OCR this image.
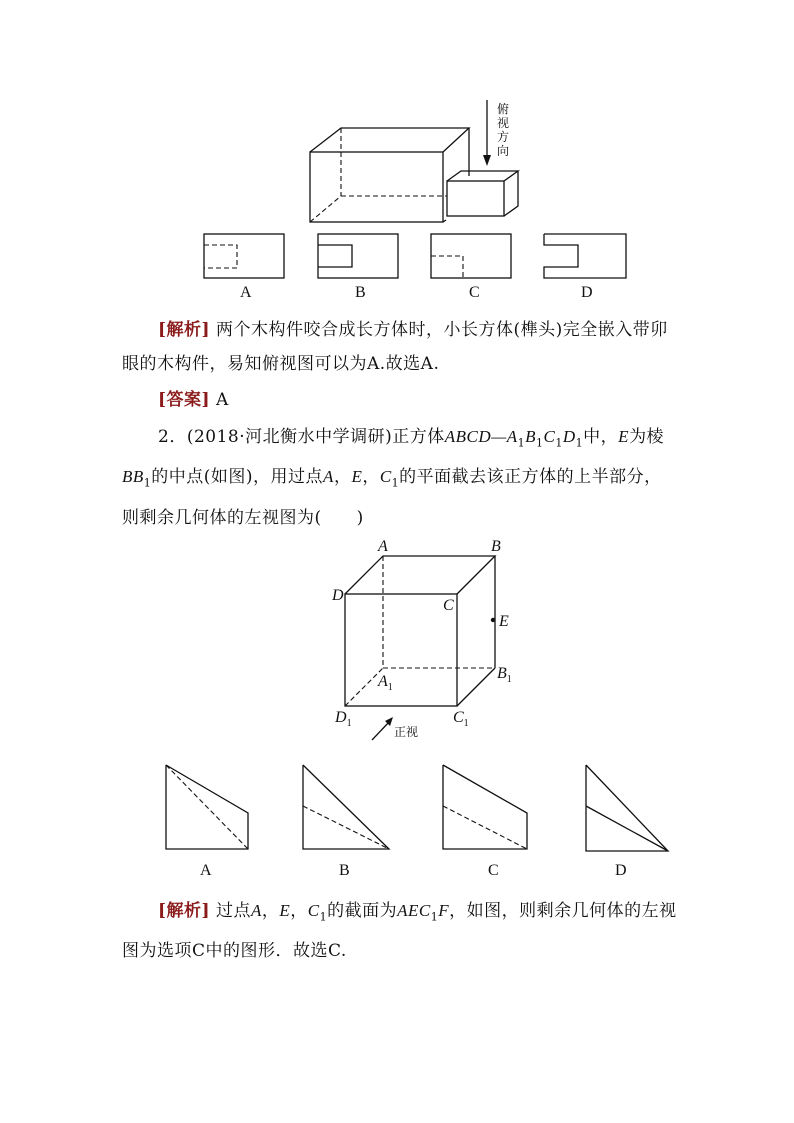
俯
视
方
向
A	B	C	D
A	B
C
D
E
$A_1$
$B_1$
$C_1$
$D_1$
正视
A	B	C	D
[解析] 两个木构件咬合成长方体时，小长方体(榫头)完全嵌入带卯眼的木构件，易知俯视图可以为A.故选A.
[答案] A
2．(2018·河北衡水中学调研)正方体$ABCD—A_1B_1C_1D_1$中，E为棱$BB_1$的中点(如图)，用过点A，E，$C_1$的平面截去该正方体的上半部分，则剩余几何体的左视图为(　　)
[解析] 过点A，E，$C_1$的截面为$AEC_1F$，如图，则剩余几何体的左视图为选项C中的图形．故选C.
